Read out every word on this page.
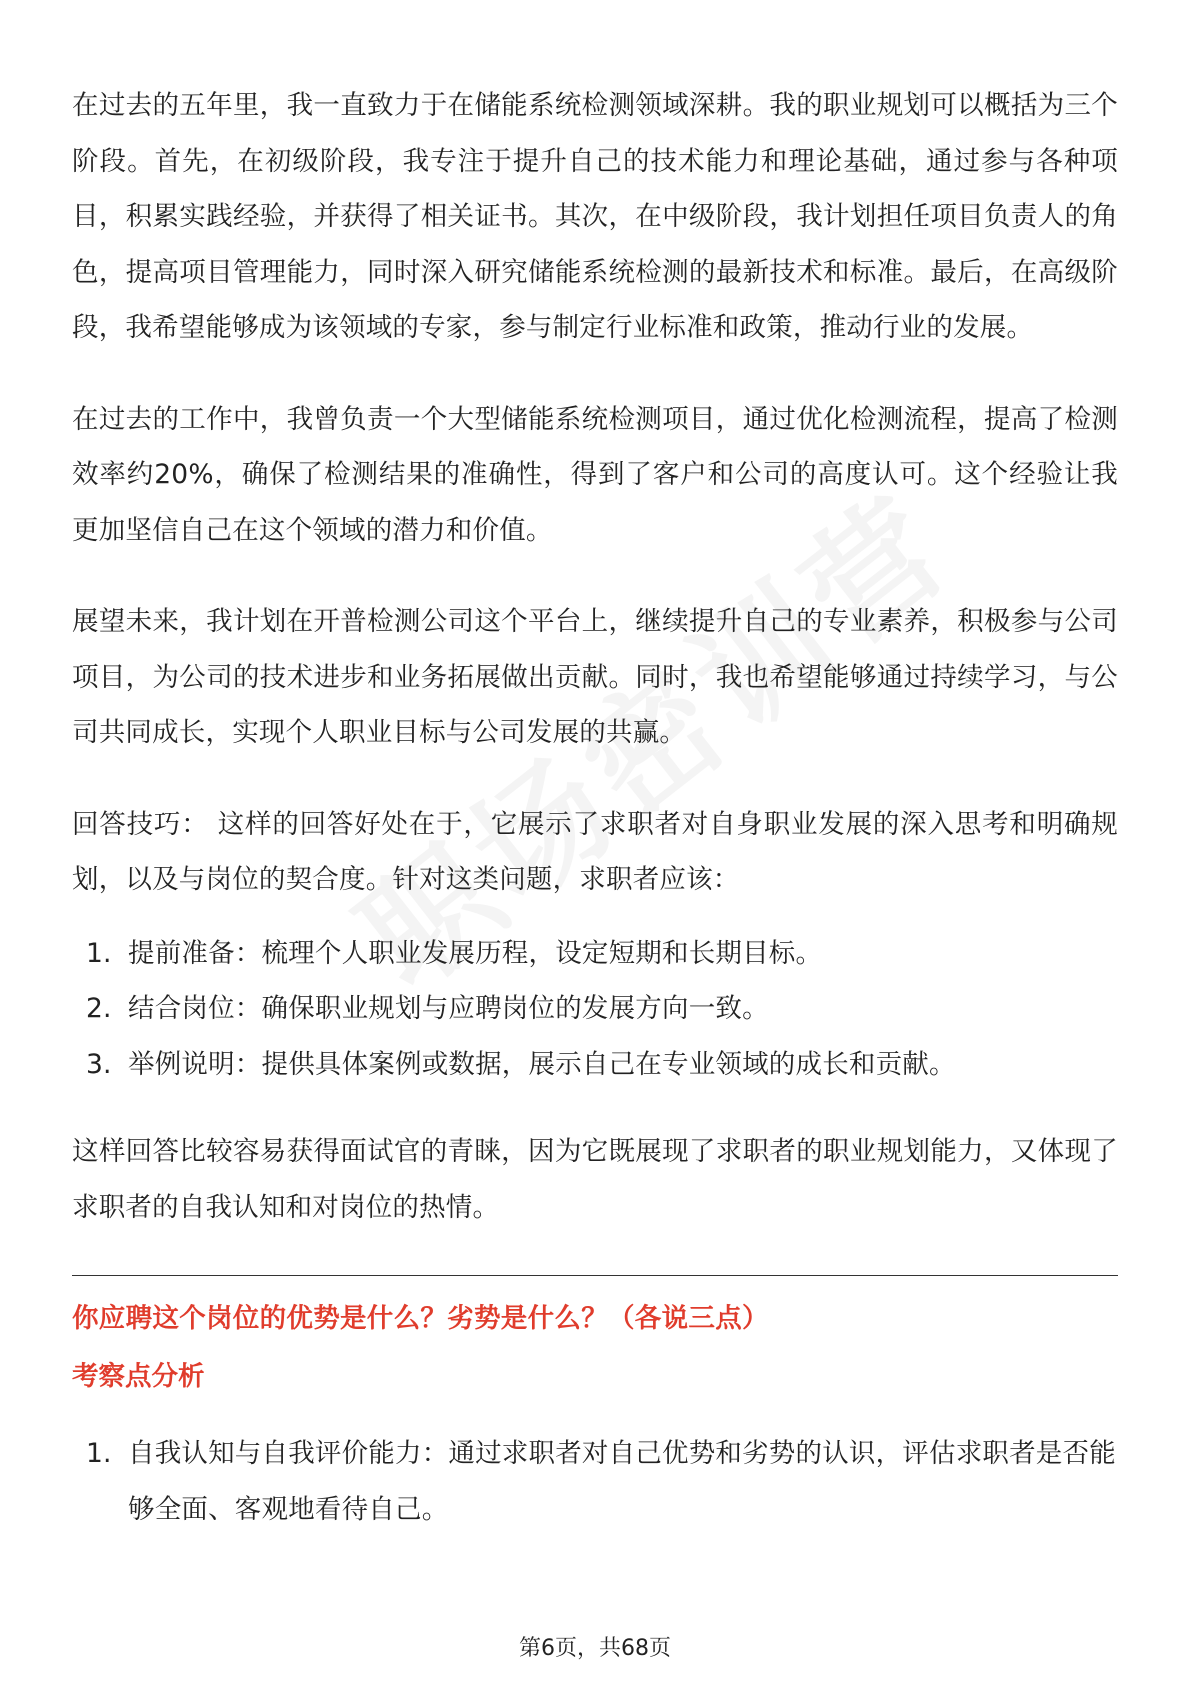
在过去的五年里，我一直致力于在储能系统检测领域深耕。我的职业规划可以概括为三个阶段。首先，在初级阶段，我专注于提升自己的技术能力和理论基础，通过参与各种项目，积累实践经验，并获得了相关证书。其次，在中级阶段，我计划担任项目负责人的角色，提高项目管理能力，同时深入研究储能系统检测的最新技术和标准。最后，在高级阶段，我希望能够成为该领域的专家，参与制定行业标准和政策，推动行业的发展。

在过去的工作中，我曾负责一个大型储能系统检测项目，通过优化检测流程，提高了检测效率约20%，确保了检测结果的准确性，得到了客户和公司的高度认可。这个经验让我更加坚信自己在这个领域的潜力和价值。

展望未来，我计划在开普检测公司这个平台上，继续提升自己的专业素养，积极参与公司项目，为公司的技术进步和业务拓展做出贡献。同时，我也希望能够通过持续学习，与公司共同成长，实现个人职业目标与公司发展的共赢。

回答技巧： 这样的回答好处在于，它展示了求职者对自身职业发展的深入思考和明确规划，以及与岗位的契合度。针对这类问题，求职者应该：

1. 提前准备：梳理个人职业发展历程，设定短期和长期目标。
2. 结合岗位：确保职业规划与应聘岗位的发展方向一致。
3. 举例说明：提供具体案例或数据，展示自己在专业领域的成长和贡献。

这样回答比较容易获得面试官的青睐，因为它既展现了求职者的职业规划能力，又体现了求职者的自我认知和对岗位的热情。

你应聘这个岗位的优势是什么？劣势是什么？（各说三点）
考察点分析
1. 自我认知与自我评价能力：通过求职者对自己优势和劣势的认识，评估求职者是否能够全面、客观地看待自己。
第6页，共68页
